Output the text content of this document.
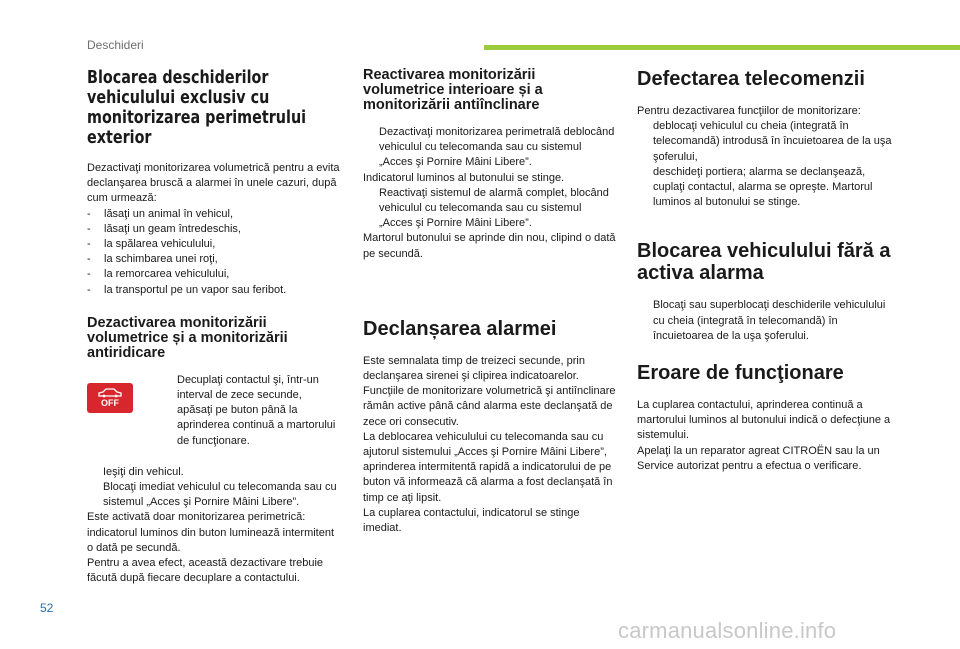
Deschideri
Blocarea deschiderilor vehiculului exclusiv cu monitorizarea perimetrului exterior

Dezactivaţi monitorizarea volumetrică pentru a evita declanşarea bruscă a alarmei în unele cazuri, după cum urmează:

- lăsaţi un animal în vehicul,
- lăsaţi un geam întredeschis,
- la spălarea vehiculului,
- la schimbarea unei roţi,
- la remorcarea vehiculului,
- la transportul pe un vapor sau feribot.
Dezactivarea monitorizării volumetrice și a monitorizării antiridicare
OFF
Decuplaţi contactul şi, într-un interval de zece secunde, apăsaţi pe buton până la aprinderea continuă a martorului de funcţionare.
Ieşiţi din vehicul.
Blocaţi imediat vehiculul cu telecomanda sau cu sistemul „Acces şi Pornire Mâini Libere”.

Este activată doar monitorizarea perimetrică: indicatorul luminos din buton luminează intermitent o dată pe secundă.

Pentru a avea efect, această dezactivare trebuie făcută după fiecare decuplare a contactului.

Reactivarea monitorizării volumetrice interioare și a monitorizării antiînclinare
Dezactivaţi monitorizarea perimetrală deblocând vehiculul cu telecomanda sau cu sistemul „Acces şi Pornire Mâini Libere”.

Indicatorul luminos al butonului se stinge.

Reactivaţi sistemul de alarmă complet, blocând vehiculul cu telecomanda sau cu sistemul „Acces şi Pornire Mâini Libere”.

Martorul butonului se aprinde din nou, clipind o dată pe secundă.

Declanșarea alarmei

Este semnalata timp de treizeci secunde, prin declanşarea sirenei şi clipirea indicatoarelor.

Funcţiile de monitorizare volumetrică şi antiînclinare rămân active până când alarma este declanşată de zece ori consecutiv.

La deblocarea vehiculului cu telecomanda sau cu ajutorul sistemului „Acces şi Pornire Mâini Libere”, aprinderea intermitentă rapidă a indicatorului de pe buton vă informează că alarma a fost declanşată în timp ce aţi lipsit.

La cuplarea contactului, indicatorul se stinge imediat.

Defectarea telecomenzii

Pentru dezactivarea funcţiilor de monitorizare:

deblocaţi vehiculul cu cheia (integrată în telecomandă) introdusă în încuietoarea de la uşa şoferului,
deschideţi portiera; alarma se declanşează,
cuplaţi contactul, alarma se opreşte. Martorul luminos al butonului se stinge.
Blocarea vehiculului fără a activa alarma
Blocaţi sau superblocaţi deschiderile vehiculului cu cheia (integrată în telecomandă) în încuietoarea de la uşa şoferului.
Eroare de funcţionare

La cuplarea contactului, aprinderea continuă a martorului luminos al butonului indică o defecţiune a sistemului.

Apelaţi la un reparator agreat CITROËN sau la un Service autorizat pentru a efectua o verificare.

52
carmanualsonline.info
